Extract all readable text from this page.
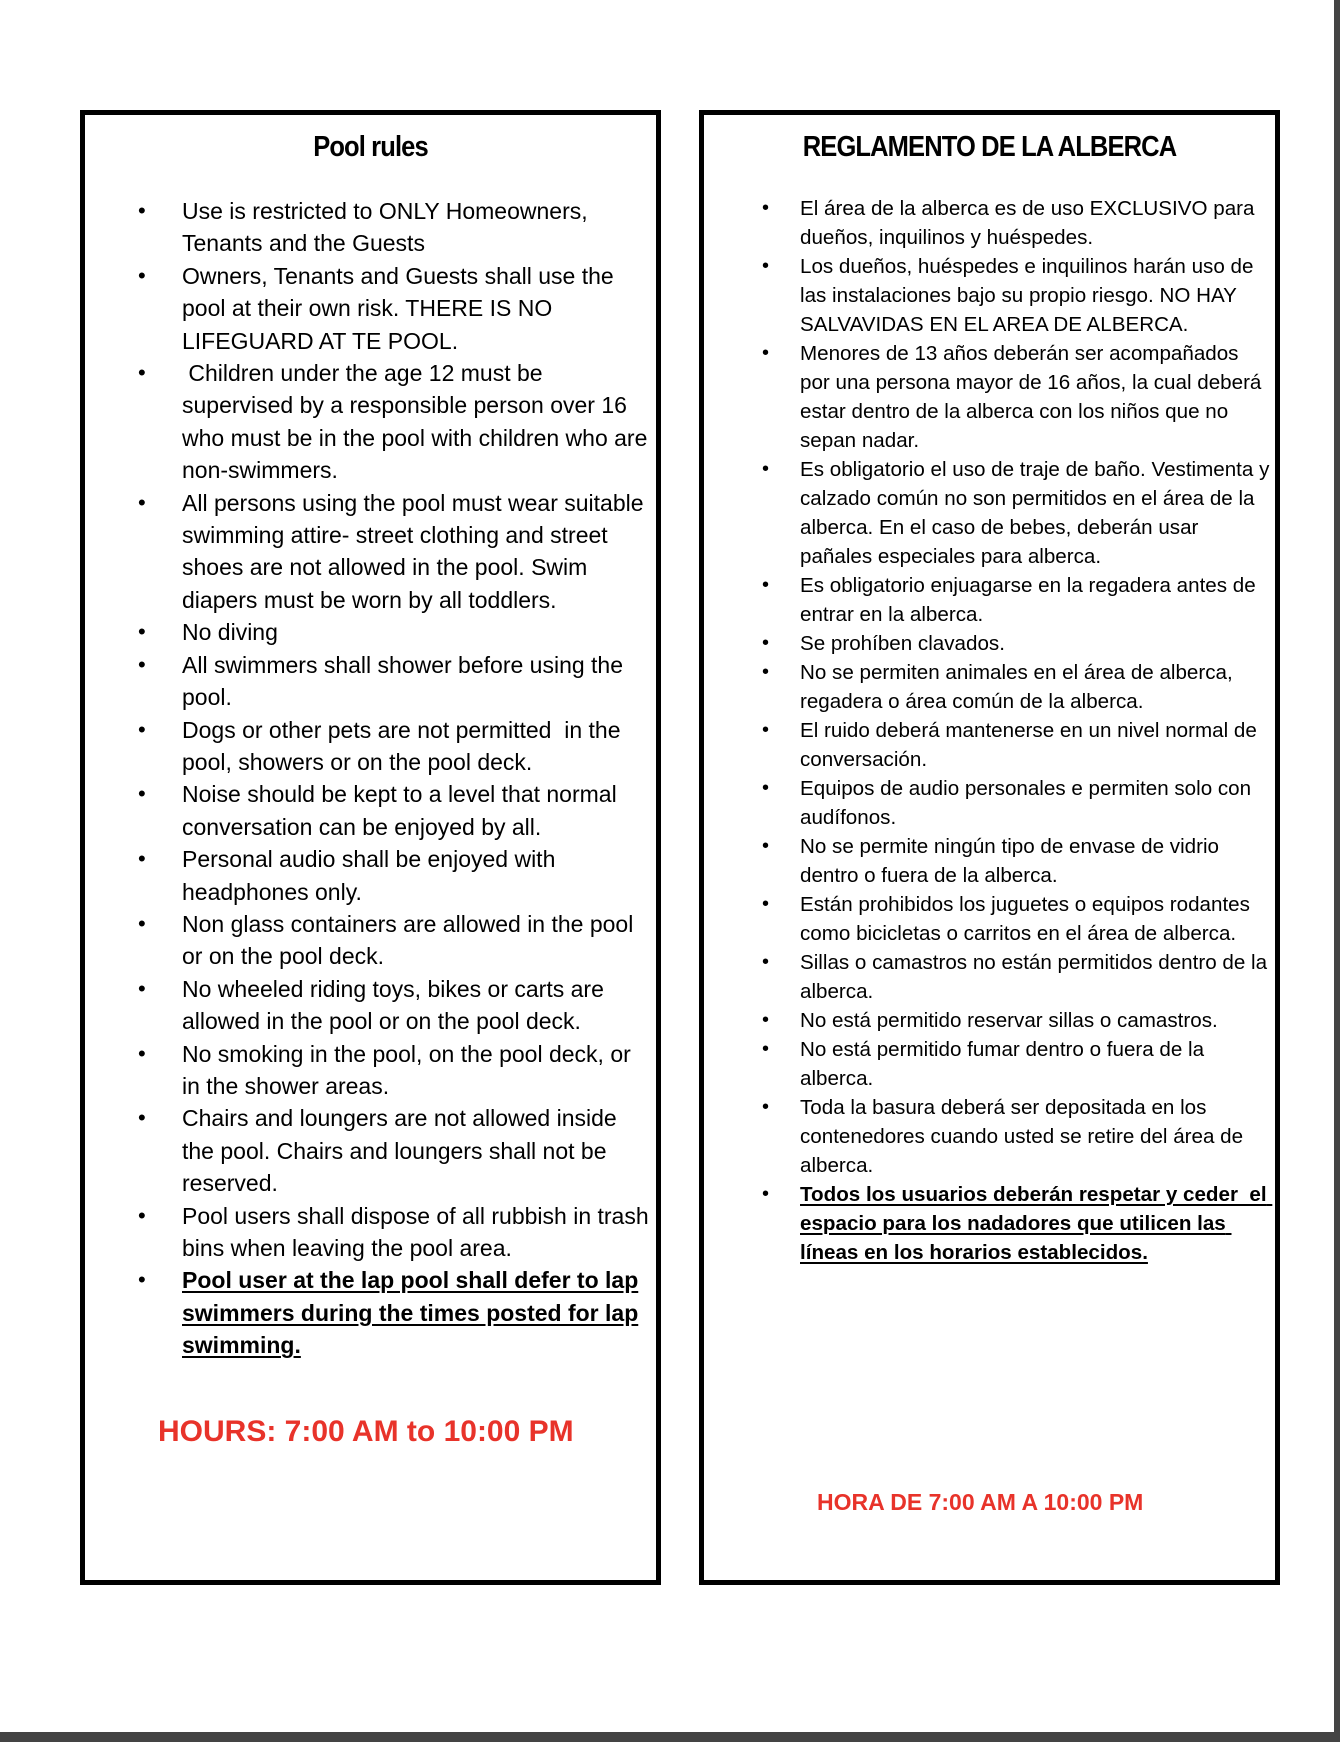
Pool rules
• Use is restricted to ONLY Homeowners, Tenants and the Guests
• Owners, Tenants and Guests shall use the pool at their own risk. THERE IS NO LIFEGUARD AT TE POOL.
• Children under the age 12 must be supervised by a responsible person over 16 who must be in the pool with children who are non-swimmers.
• All persons using the pool must wear suitable swimming attire- street clothing and street shoes are not allowed in the pool. Swim diapers must be worn by all toddlers.
• No diving
• All swimmers shall shower before using the pool.
• Dogs or other pets are not permitted  in the pool, showers or on the pool deck.
• Noise should be kept to a level that normal conversation can be enjoyed by all.
• Personal audio shall be enjoyed with headphones only.
• Non glass containers are allowed in the pool or on the pool deck.
• No wheeled riding toys, bikes or carts are allowed in the pool or on the pool deck.
• No smoking in the pool, on the pool deck, or in the shower areas.
• Chairs and loungers are not allowed inside the pool. Chairs and loungers shall not be reserved.
• Pool users shall dispose of all rubbish in trash bins when leaving the pool area.
• Pool user at the lap pool shall defer to lap swimmers during the times posted for lap swimming.

HOURS: 7:00 AM to 10:00 PM

REGLAMENTO DE LA ALBERCA
• El área de la alberca es de uso EXCLUSIVO para dueños, inquilinos y huéspedes.
• Los dueños, huéspedes e inquilinos harán uso de las instalaciones bajo su propio riesgo. NO HAY SALVAVIDAS EN EL AREA DE ALBERCA.
• Menores de 13 años deberán ser acompañados por una persona mayor de 16 años, la cual deberá estar dentro de la alberca con los niños que no sepan nadar.
• Es obligatorio el uso de traje de baño. Vestimenta y calzado común no son permitidos en el área de la alberca. En el caso de bebes, deberán usar pañales especiales para alberca.
• Es obligatorio enjuagarse en la regadera antes de entrar en la alberca.
• Se prohíben clavados.
• No se permiten animales en el área de alberca, regadera o área común de la alberca.
• El ruido deberá mantenerse en un nivel normal de conversación.
• Equipos de audio personales e permiten solo con audífonos.
• No se permite ningún tipo de envase de vidrio dentro o fuera de la alberca.
• Están prohibidos los juguetes o equipos rodantes como bicicletas o carritos en el área de alberca.
• Sillas o camastros no están permitidos dentro de la alberca.
• No está permitido reservar sillas o camastros.
• No está permitido fumar dentro o fuera de la alberca.
• Toda la basura deberá ser depositada en los contenedores cuando usted se retire del área de alberca.
• Todos los usuarios deberán respetar y ceder  el espacio para los nadadores que utilicen las líneas en los horarios establecidos.

HORA DE 7:00 AM A 10:00 PM
